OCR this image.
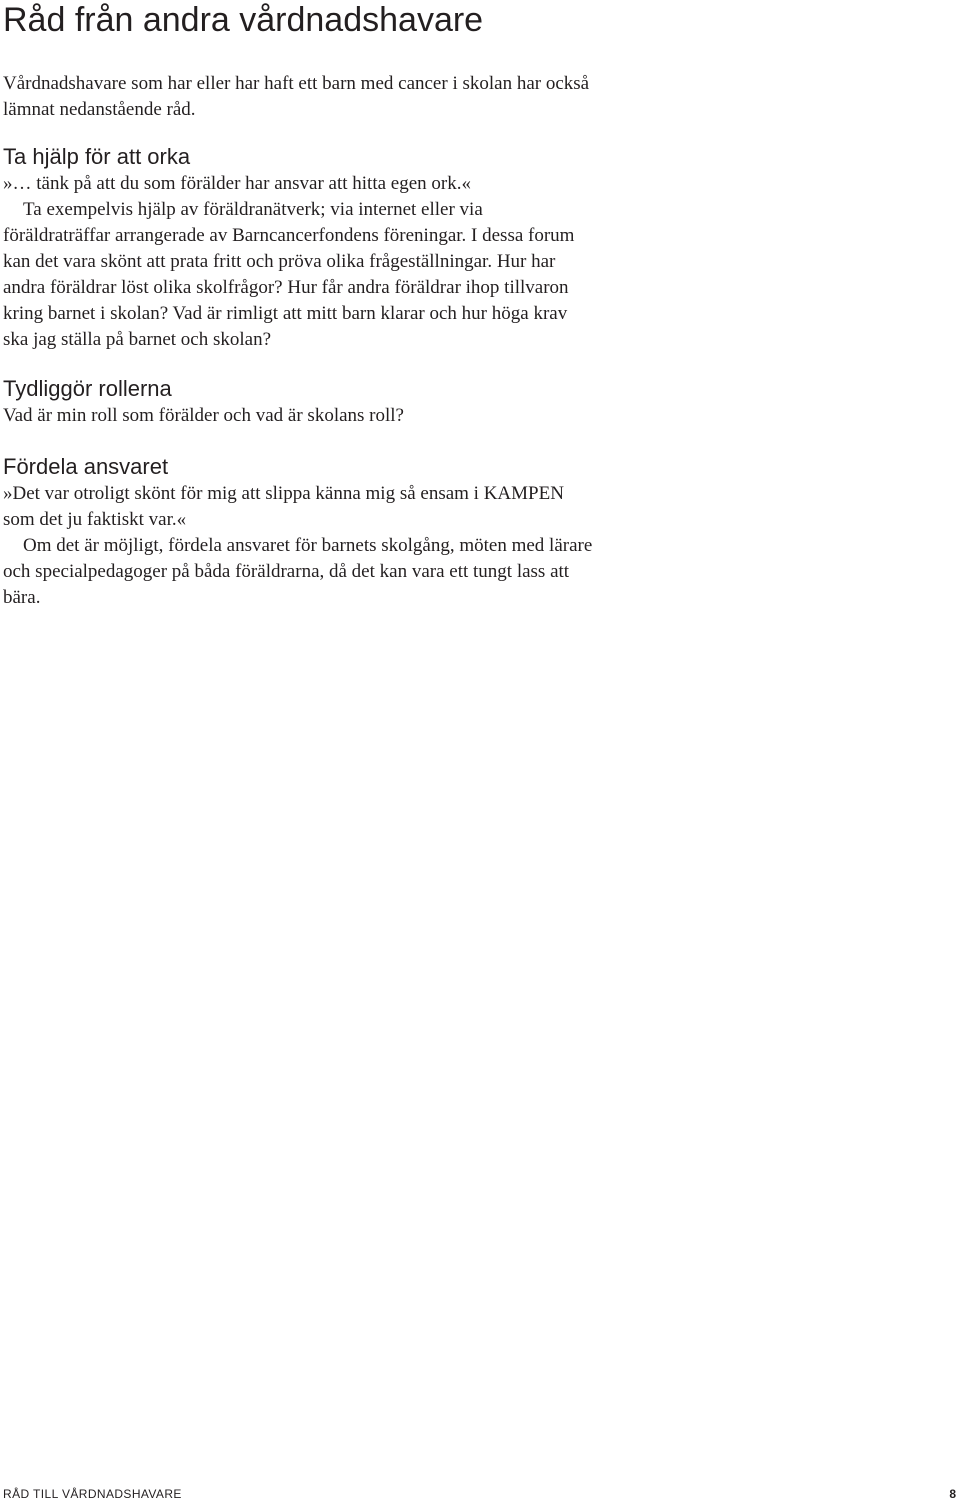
Råd från andra vårdnadshavare

Vårdnadshavare som har eller har haft ett barn med cancer i skolan har också lämnat nedanstående råd.

Ta hjälp för att orka

»… tänk på att du som förälder har ansvar att hitta egen ork.«

Ta exempelvis hjälp av föräldranätverk; via internet eller via föräldraträffar arrangerade av Barncancerfondens föreningar. I dessa forum kan det vara skönt att prata fritt och pröva olika frågeställningar. Hur har andra föräldrar löst olika skolfrågor? Hur får andra föräldrar ihop tillvaron kring barnet i skolan? Vad är rimligt att mitt barn klarar och hur höga krav ska jag ställa på barnet och skolan?

Tydliggör rollerna

Vad är min roll som förälder och vad är skolans roll?

Fördela ansvaret

»Det var otroligt skönt för mig att slippa känna mig så ensam i KAMPEN som det ju faktiskt var.«

Om det är möjligt, fördela ansvaret för barnets skolgång, möten med lärare och specialpedagoger på båda föräldrarna, då det kan vara ett tungt lass att bära.

RÅD TILL VÅRDNADSHAVARE	8
